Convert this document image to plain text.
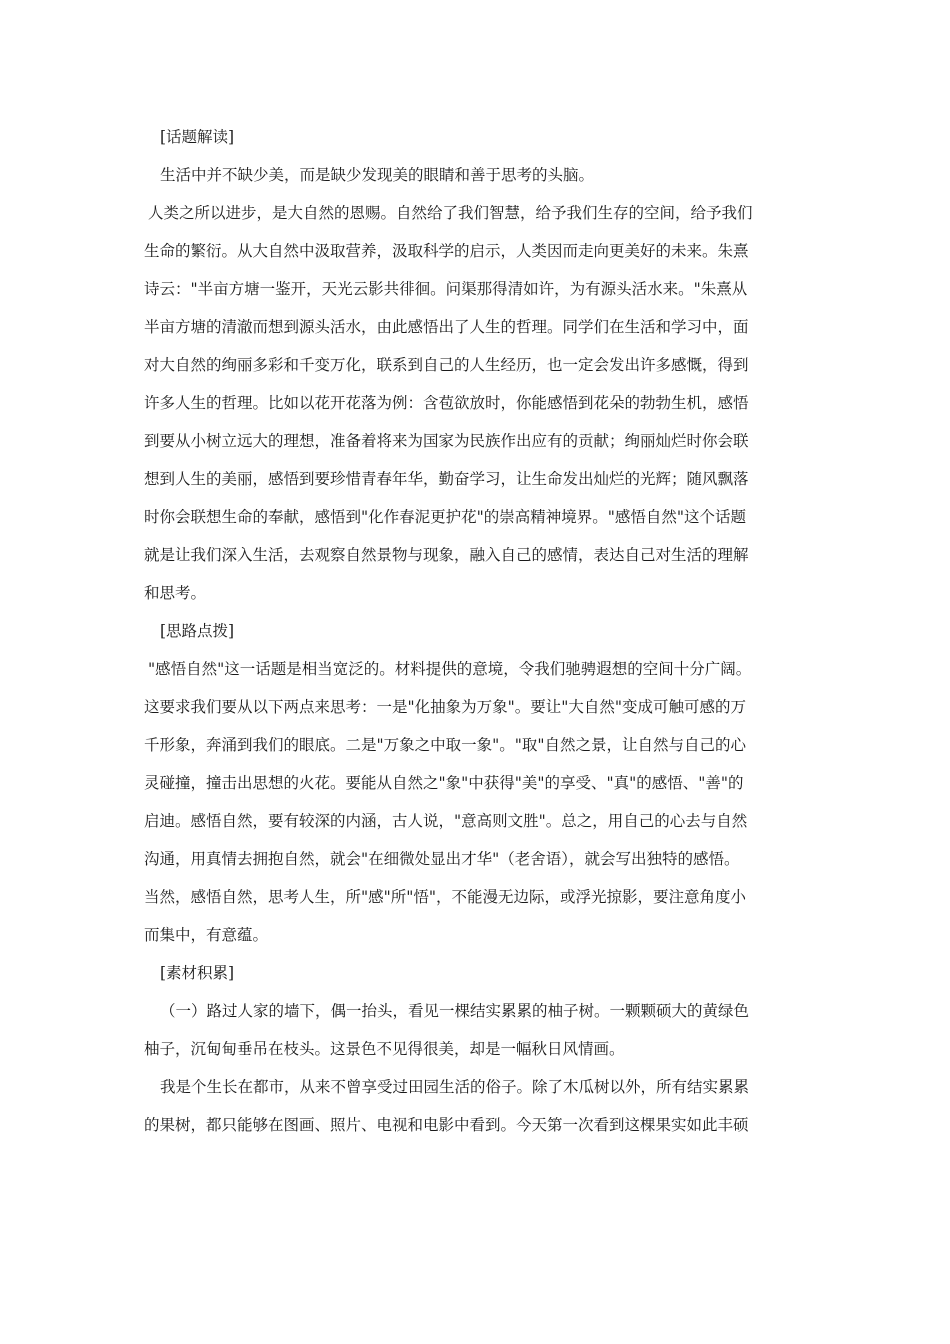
[话题解读]

生活中并不缺少美，而是缺少发现美的眼睛和善于思考的头脑。

人类之所以进步，是大自然的恩赐。自然给了我们智慧，给予我们生存的空间，给予我们
生命的繁衍。从大自然中汲取营养，汲取科学的启示，人类因而走向更美好的未来。朱熹
诗云："半亩方塘一鉴开，天光云影共徘徊。问渠那得清如许，为有源头活水来。"朱熹从
半亩方塘的清澈而想到源头活水，由此感悟出了人生的哲理。同学们在生活和学习中，面
对大自然的绚丽多彩和千变万化，联系到自己的人生经历，也一定会发出许多感慨，得到
许多人生的哲理。比如以花开花落为例：含苞欲放时，你能感悟到花朵的勃勃生机，感悟
到要从小树立远大的理想，准备着将来为国家为民族作出应有的贡献；绚丽灿烂时你会联
想到人生的美丽，感悟到要珍惜青春年华，勤奋学习，让生命发出灿烂的光辉；随风飘落
时你会联想生命的奉献，感悟到"化作春泥更护花"的崇高精神境界。"感悟自然"这个话题
就是让我们深入生活，去观察自然景物与现象，融入自己的感情，表达自己对生活的理解
和思考。

[思路点拨]

"感悟自然"这一话题是相当宽泛的。材料提供的意境，令我们驰骋遐想的空间十分广阔。
这要求我们要从以下两点来思考：一是"化抽象为万象"。要让"大自然"变成可触可感的万
千形象，奔涌到我们的眼底。二是"万象之中取一象"。"取"自然之景，让自然与自己的心
灵碰撞，撞击出思想的火花。要能从自然之"象"中获得"美"的享受、"真"的感悟、"善"的
启迪。感悟自然，要有较深的内涵，古人说，"意高则文胜"。总之，用自己的心去与自然
沟通，用真情去拥抱自然，就会"在细微处显出才华"（老舍语），就会写出独特的感悟。
当然，感悟自然，思考人生，所"感"所"悟"，不能漫无边际，或浮光掠影，要注意角度小
而集中，有意蕴。

[素材积累]

（一）路过人家的墙下，偶一抬头，看见一棵结实累累的柚子树。一颗颗硕大的黄绿色
柚子，沉甸甸垂吊在枝头。这景色不见得很美，却是一幅秋日风情画。

我是个生长在都市，从来不曾享受过田园生活的俗子。除了木瓜树以外，所有结实累累
的果树，都只能够在图画、照片、电视和电影中看到。今天第一次看到这棵果实如此丰硕
